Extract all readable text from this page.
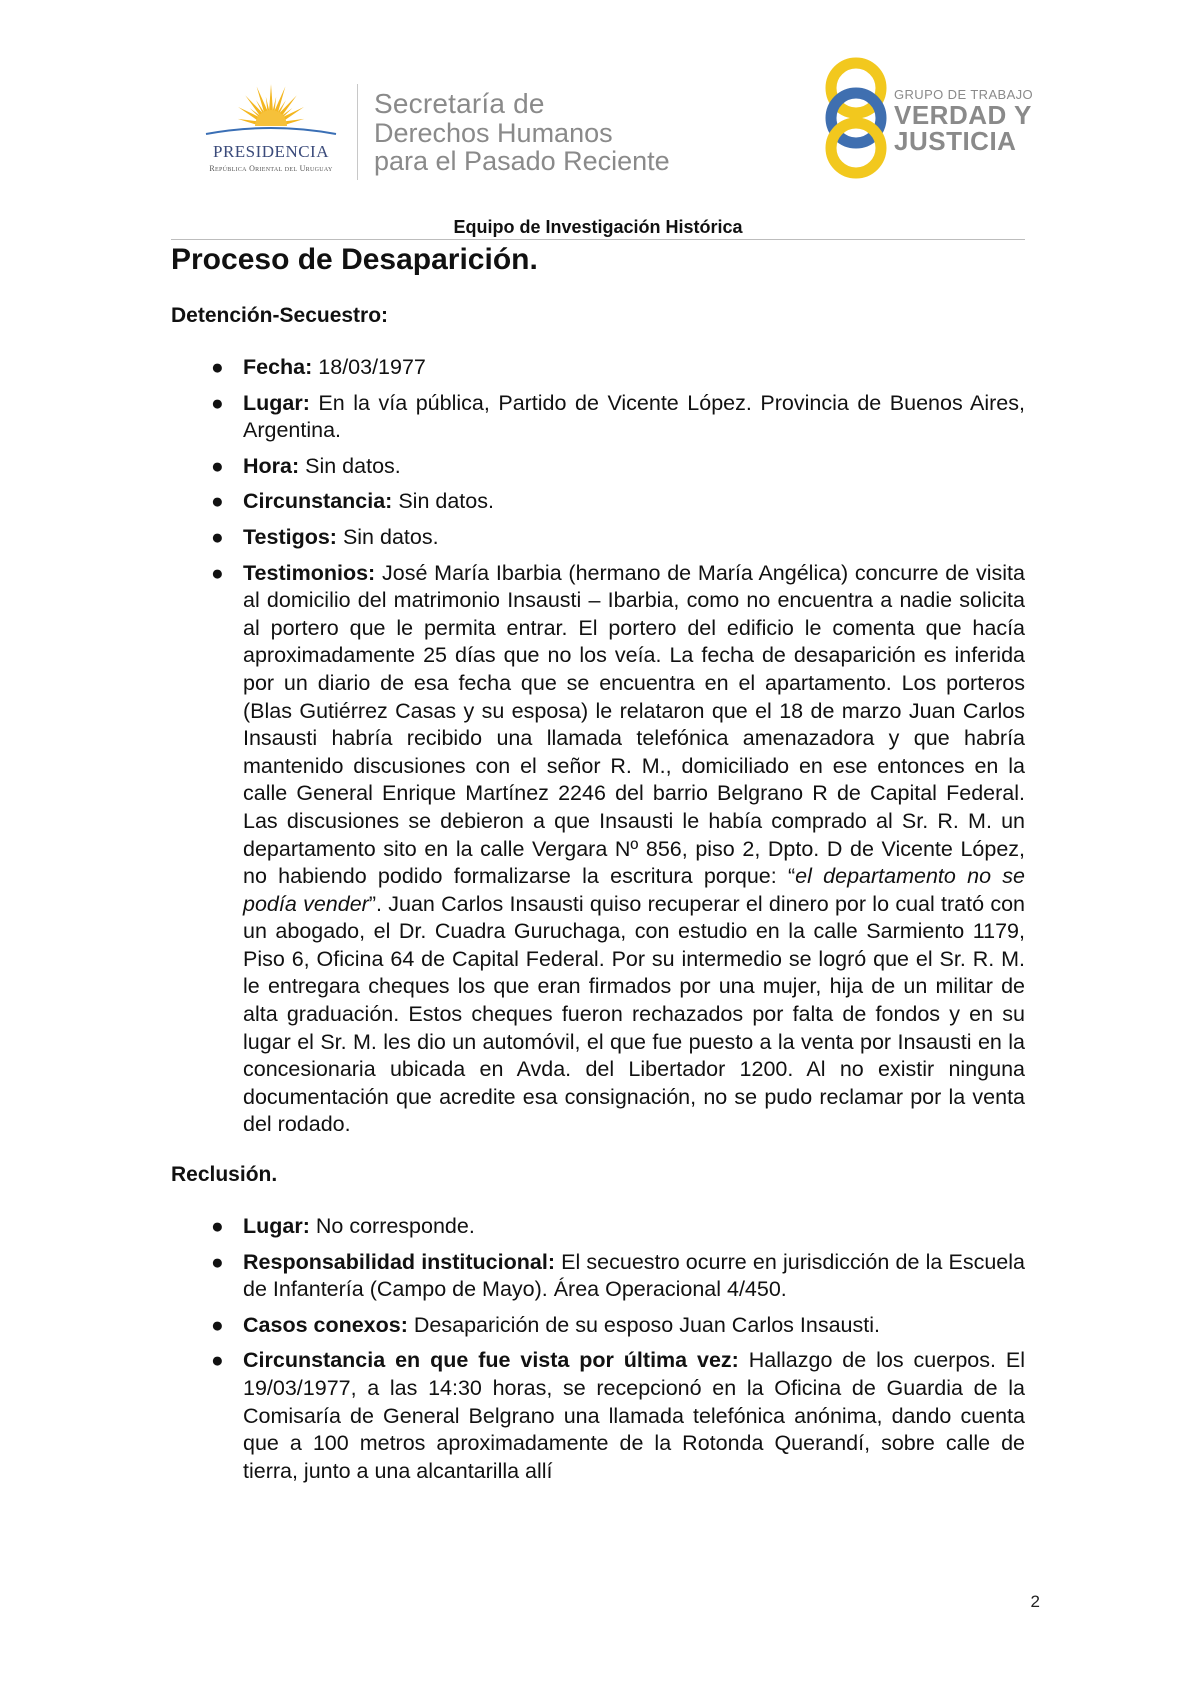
PRESIDENCIA
República Oriental del Uruguay
Secretaría de
Derechos Humanos
para el Pasado Reciente
GRUPO DE TRABAJO
VERDAD Y
JUSTICIA
Equipo de Investigación Histórica
Proceso de Desaparición.
Detención-Secuestro:
● Fecha: 18/03/1977
● Lugar: En la vía pública, Partido de Vicente López. Provincia de Buenos Aires, Argentina.
● Hora: Sin datos.
● Circunstancia: Sin datos.
● Testigos: Sin datos.
● Testimonios: José María Ibarbia (hermano de María Angélica) concurre de visita al domicilio del matrimonio Insausti – Ibarbia, como no encuentra a nadie solicita al portero que le permita entrar. El portero del edificio le comenta que hacía aproximadamente 25 días que no los veía. La fecha de desaparición es inferida por un diario de esa fecha que se encuentra en el apartamento. Los porteros (Blas Gutiérrez Casas y su esposa) le relataron que el 18 de marzo Juan Carlos Insausti habría recibido una llamada telefónica amenazadora y que habría mantenido discusiones con el señor R. M., domiciliado en ese entonces en la calle General Enrique Martínez 2246 del barrio Belgrano R de Capital Federal. Las discusiones se debieron a que Insausti le había comprado al Sr. R. M. un departamento sito en la calle Vergara Nº 856, piso 2, Dpto. D de Vicente López, no habiendo podido formalizarse la escritura porque: “el departamento no se podía vender”. Juan Carlos Insausti quiso recuperar el dinero por lo cual trató con un abogado, el Dr. Cuadra Guruchaga, con estudio en la calle Sarmiento 1179, Piso 6, Oficina 64 de Capital Federal. Por su intermedio se logró que el Sr. R. M. le entregara cheques los que eran firmados por una mujer, hija de un militar de alta graduación. Estos cheques fueron rechazados por falta de fondos y en su lugar el Sr. M. les dio un automóvil, el que fue puesto a la venta por Insausti en la concesionaria ubicada en Avda. del Libertador 1200. Al no existir ninguna documentación que acredite esa consignación, no se pudo reclamar por la venta del rodado.
Reclusión.
● Lugar: No corresponde.
● Responsabilidad institucional: El secuestro ocurre en jurisdicción de la Escuela de Infantería (Campo de Mayo). Área Operacional 4/450.
● Casos conexos: Desaparición de su esposo Juan Carlos Insausti.
● Circunstancia en que fue vista por última vez: Hallazgo de los cuerpos. El 19/03/1977, a las 14:30 horas, se recepcionó en la Oficina de Guardia de la Comisaría de General Belgrano una llamada telefónica anónima, dando cuenta que a 100 metros aproximadamente de la Rotonda Querandí, sobre calle de tierra, junto a una alcantarilla allí
2
